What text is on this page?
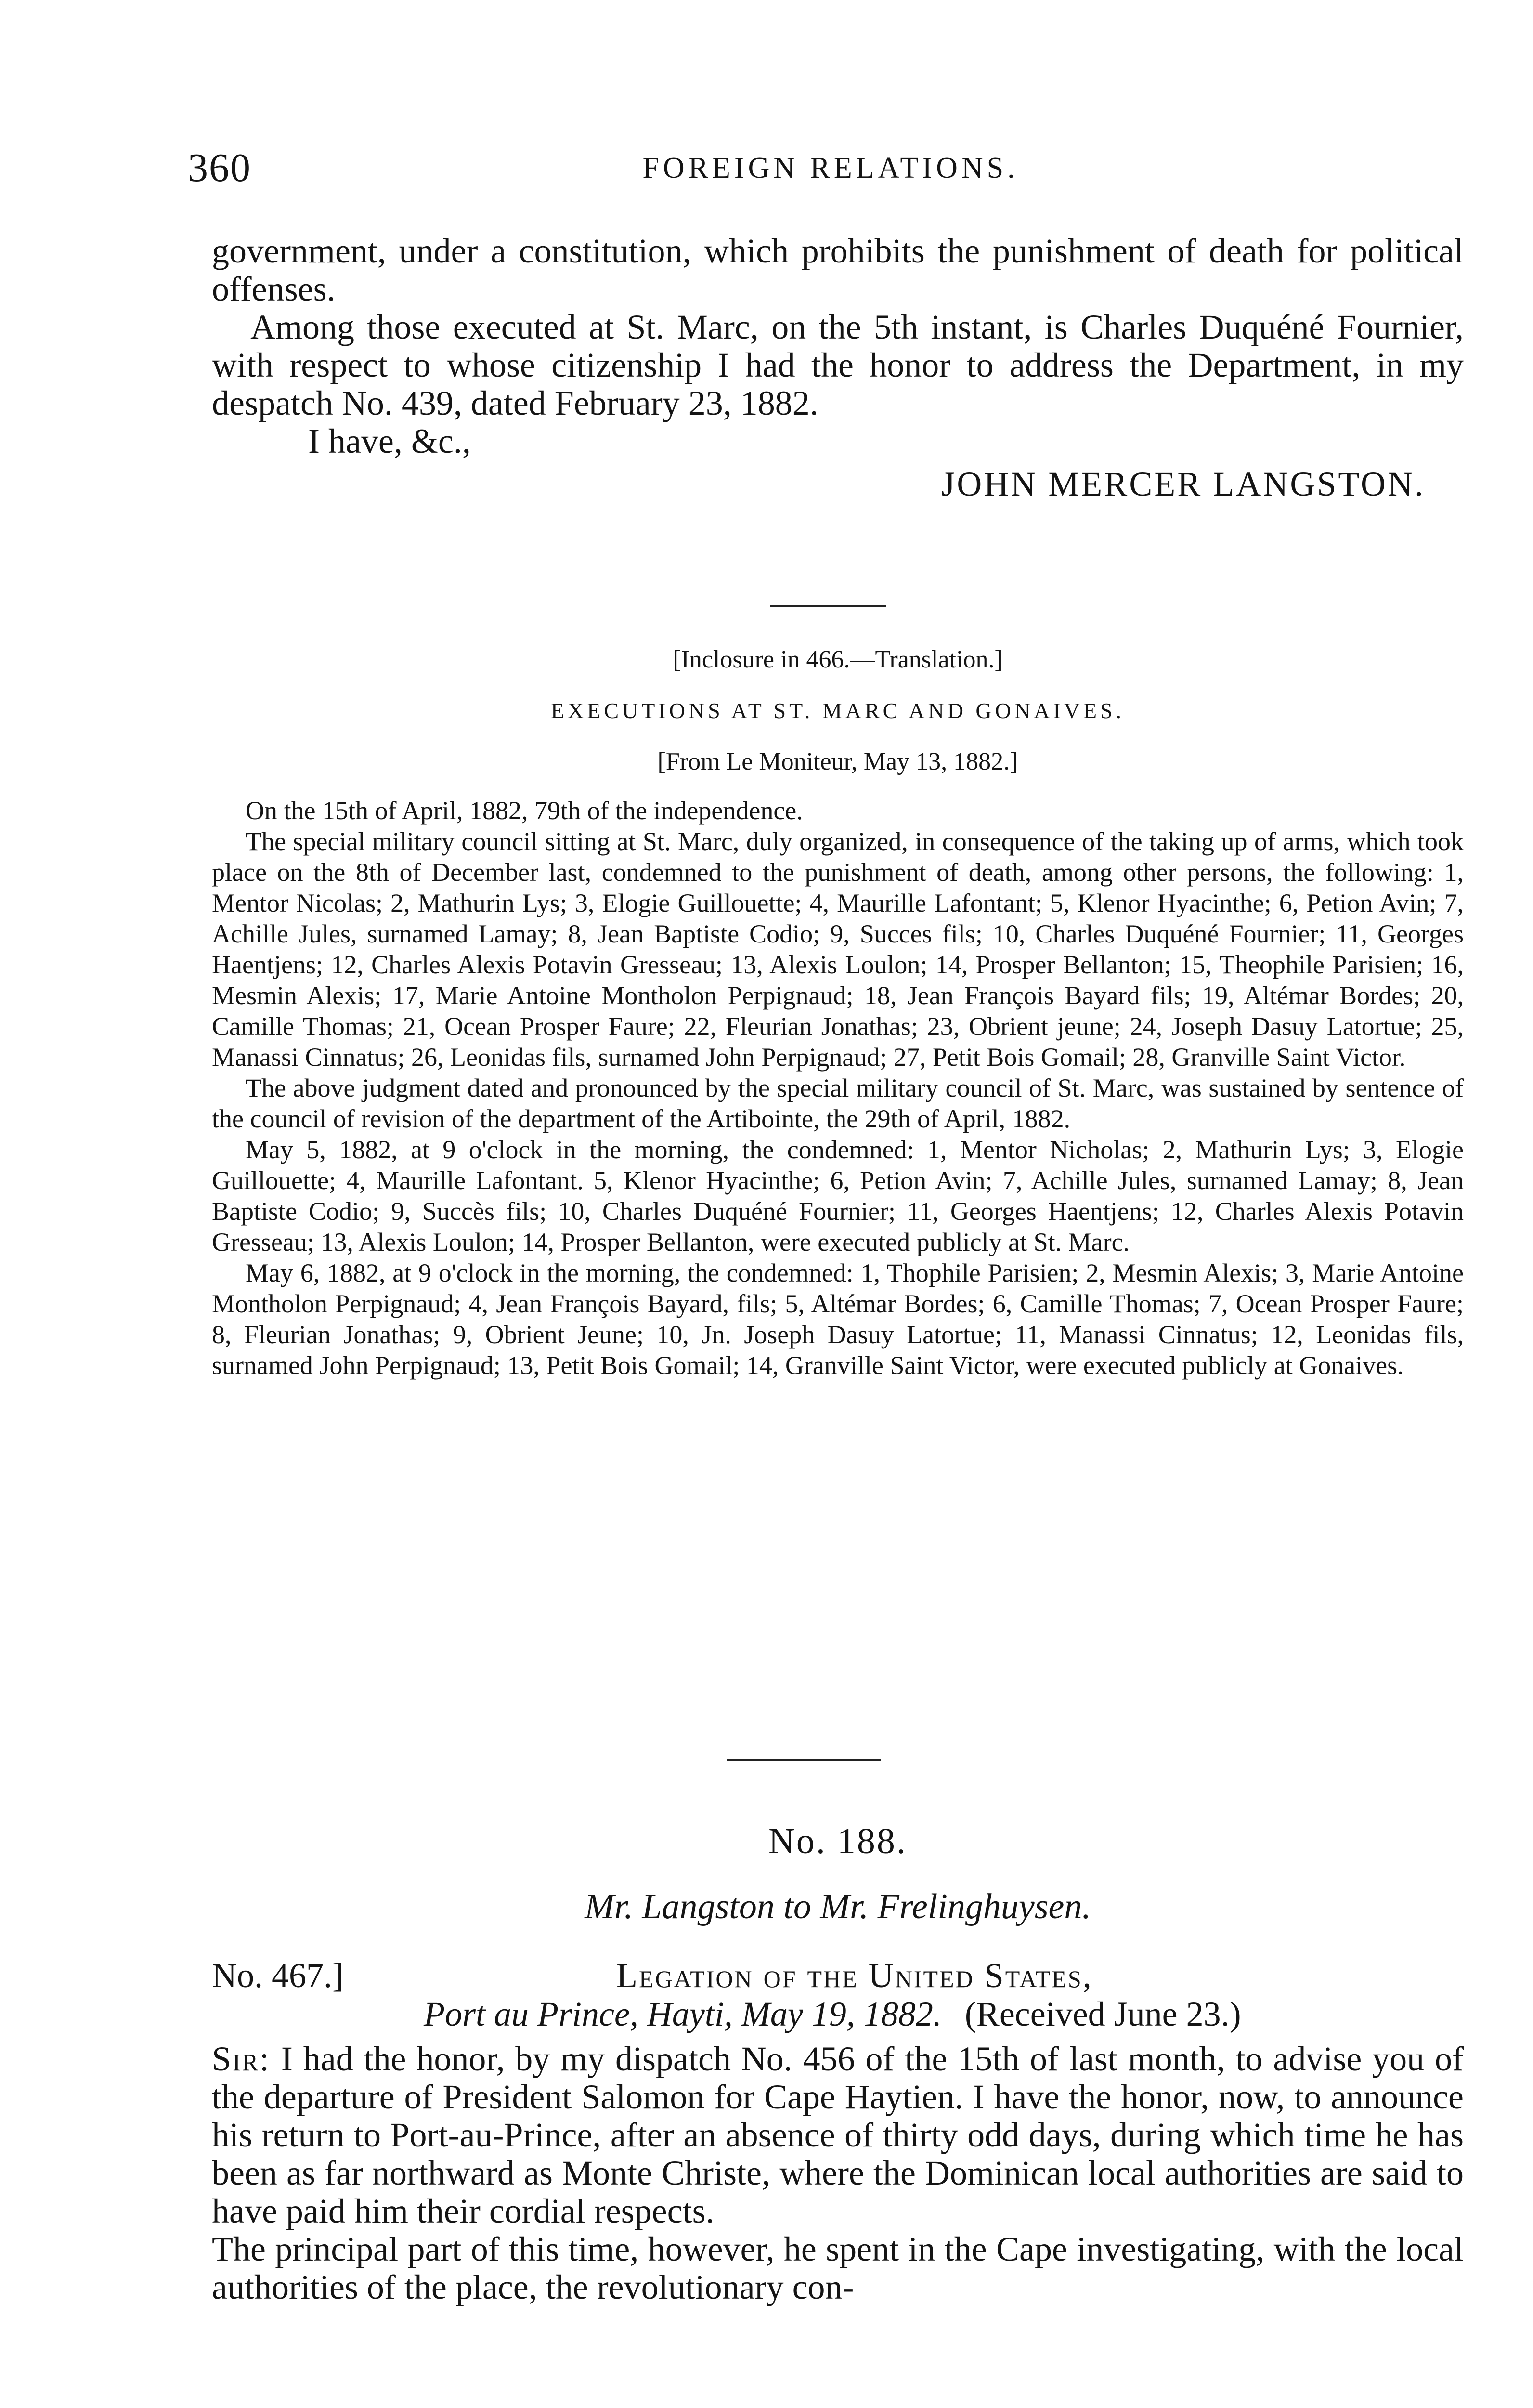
360	FOREIGN RELATIONS.

government, under a constitution, which prohibits the punishment of death for political offenses.

Among those executed at St. Marc, on the 5th instant, is Charles Duquéné Fournier, with respect to whose citizenship I had the honor to address the Department, in my despatch No. 439, dated February 23, 1882.

I have, &c.,

JOHN MERCER LANGSTON.
[Inclosure in 466.—Translation.]
EXECUTIONS AT ST. MARC AND GONAIVES.
[From Le Moniteur, May 13, 1882.]

On the 15th of April, 1882, 79th of the independence.

The special military council sitting at St. Marc, duly organized, in consequence of the taking up of arms, which took place on the 8th of December last, condemned to the punishment of death, among other persons, the following: 1, Mentor Nicolas; 2, Mathurin Lys; 3, Elogie Guillouette; 4, Maurille Lafontant; 5, Klenor Hyacinthe; 6, Petion Avin; 7, Achille Jules, surnamed Lamay; 8, Jean Baptiste Codio; 9, Succes fils; 10, Charles Duquéné Fournier; 11, Georges Haentjens; 12, Charles Alexis Potavin Gresseau; 13, Alexis Loulon; 14, Prosper Bellanton; 15, Theophile Parisien; 16, Mesmin Alexis; 17, Marie Antoine Montholon Perpignaud; 18, Jean François Bayard fils; 19, Altémar Bordes; 20, Camille Thomas; 21, Ocean Prosper Faure; 22, Fleurian Jonathas; 23, Obrient jeune; 24, Joseph Dasuy Latortue; 25, Manassi Cinnatus; 26, Leonidas fils, surnamed John Perpignaud; 27, Petit Bois Gomail; 28, Granville Saint Victor.

The above judgment dated and pronounced by the special military council of St. Marc, was sustained by sentence of the council of revision of the department of the Artibointe, the 29th of April, 1882.

May 5, 1882, at 9 o'clock in the morning, the condemned: 1, Mentor Nicholas; 2, Mathurin Lys; 3, Elogie Guillouette; 4, Maurille Lafontant. 5, Klenor Hyacinthe; 6, Petion Avin; 7, Achille Jules, surnamed Lamay; 8, Jean Baptiste Codio; 9, Succès fils; 10, Charles Duquéné Fournier; 11, Georges Haentjens; 12, Charles Alexis Potavin Gresseau; 13, Alexis Loulon; 14, Prosper Bellanton, were executed publicly at St. Marc.

May 6, 1882, at 9 o'clock in the morning, the condemned: 1, Thophile Parisien; 2, Mesmin Alexis; 3, Marie Antoine Montholon Perpignaud; 4, Jean François Bayard, fils; 5, Altémar Bordes; 6, Camille Thomas; 7, Ocean Prosper Faure; 8, Fleurian Jonathas; 9, Obrient Jeune; 10, Jn. Joseph Dasuy Latortue; 11, Manassi Cinnatus; 12, Leonidas fils, surnamed John Perpignaud; 13, Petit Bois Gomail; 14, Granville Saint Victor, were executed publicly at Gonaives.

No. 188.
Mr. Langston to Mr. Frelinghuysen.
No. 467.]	Legation of the United States,
Port au Prince, Hayti, May 19, 1882. (Received June 23.)

Sir: I had the honor, by my dispatch No. 456 of the 15th of last month, to advise you of the departure of President Salomon for Cape Haytien. I have the honor, now, to announce his return to Port-au-Prince, after an absence of thirty odd days, during which time he has been as far northward as Monte Christe, where the Dominican local authorities are said to have paid him their cordial respects.

The principal part of this time, however, he spent in the Cape investigating, with the local authorities of the place, the revolutionary con-
